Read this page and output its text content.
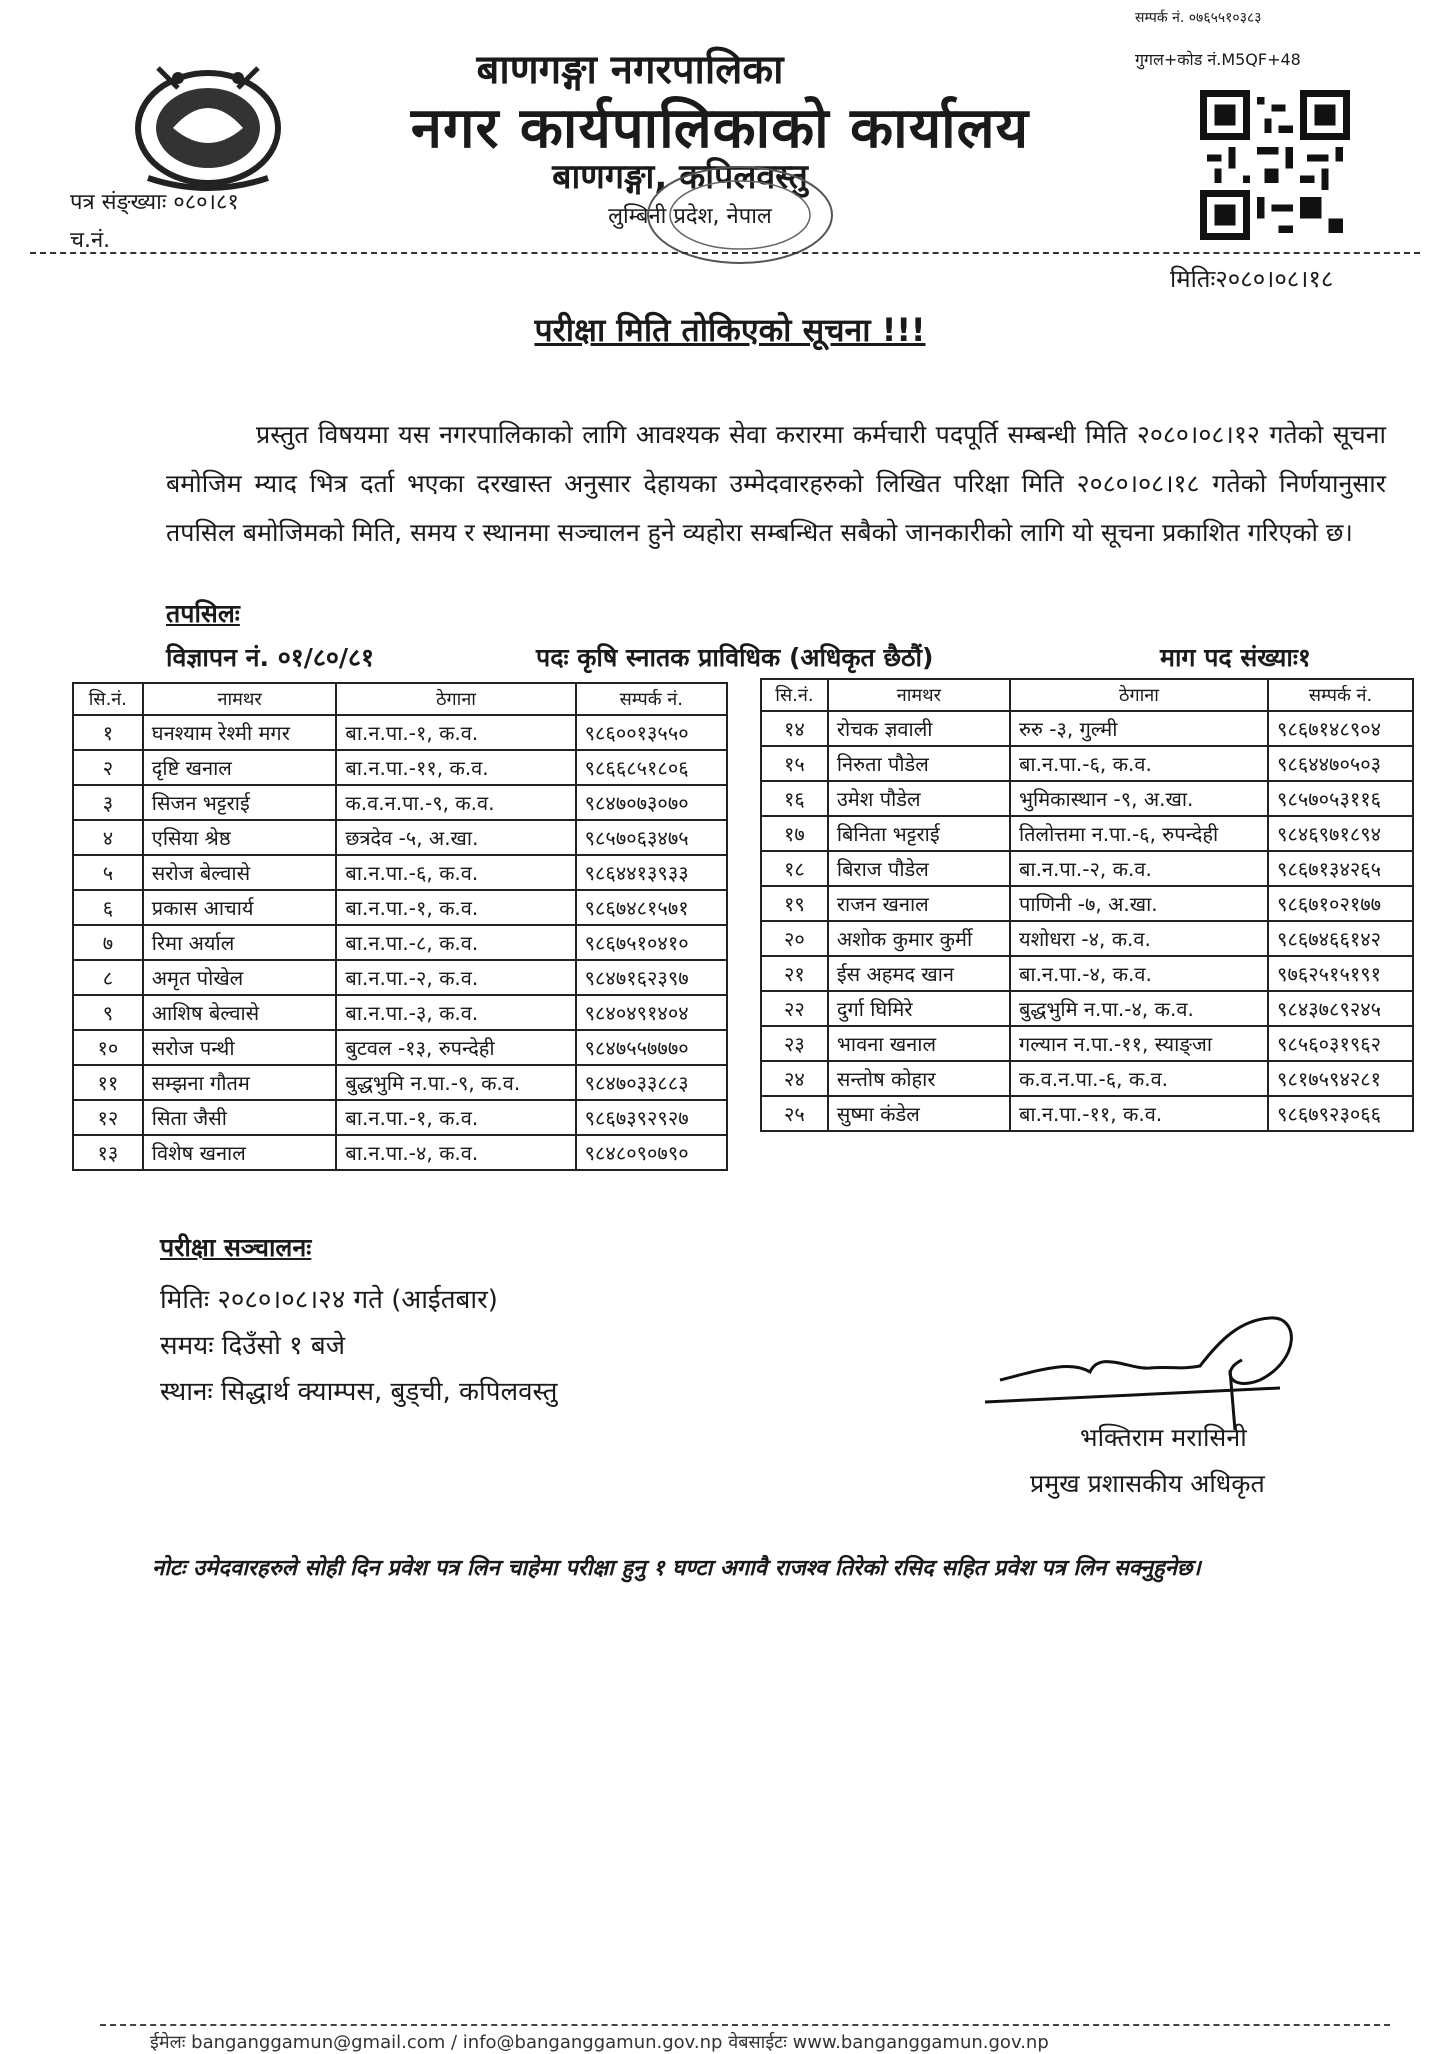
सम्पर्क नं. ०७६५५१०३८३
गुगल+कोड नं.M5QF+48
बाणगङ्गा नगरपालिका
नगर कार्यपालिकाको कार्यालय
बाणगङ्गा, कपिलवस्तु
लुम्बिनी प्रदेश, नेपाल
पत्र संङ्ख्याः ०८०।८१
च.नं.
मितिः२०८०।०८।१८
परीक्षा मिति तोकिएको सूचना !!!
प्रस्तुत विषयमा यस नगरपालिकाको लागि आवश्यक सेवा करारमा कर्मचारी पदपूर्ति सम्बन्धी मिति २०८०।०८।१२ गतेको सूचना बमोजिम म्याद भित्र दर्ता भएका दरखास्त अनुसार देहायका उम्मेदवारहरुको लिखित परिक्षा मिति २०८०।०८।१८ गतेको निर्णयानुसार तपसिल बमोजिमको मिति, समय र स्थानमा सञ्चालन हुने व्यहोरा सम्बन्धित सबैको जानकारीको लागि यो सूचना प्रकाशित गरिएको छ।
तपसिलः
विज्ञापन नं. ०१/८०/८१	पदः कृषि स्नातक प्राविधिक (अधिकृत छैठौं)	माग पद संख्याः१
सि.नं.	नामथर	ठेगाना	सम्पर्क नं.
१	घनश्याम रेश्मी मगर	बा.न.पा.-१, क.व.	९८६००१३५५०
२	दृष्टि खनाल	बा.न.पा.-११, क.व.	९८६६८५१८०६
३	सिजन भट्टराई	क.व.न.पा.-९, क.व.	९८४७०७३०७०
४	एसिया श्रेष्ठ	छत्रदेव -५, अ.खा.	९८५७०६३४७५
५	सरोज बेल्वासे	बा.न.पा.-६, क.व.	९८६४४१३९३३
६	प्रकास आचार्य	बा.न.पा.-१, क.व.	९८६७४८१५७१
७	रिमा अर्याल	बा.न.पा.-८, क.व.	९८६७५१०४१०
८	अमृत पोखेल	बा.न.पा.-२, क.व.	९८४७१६२३९७
९	आशिष बेल्वासे	बा.न.पा.-३, क.व.	९८४०४९१४०४
१०	सरोज पन्थी	बुटवल -१३, रुपन्देही	९८४७५५७७७०
११	सम्झना गौतम	बुद्धभुमि न.पा.-९, क.व.	९८४७०३३८८३
१२	सिता जैसी	बा.न.पा.-१, क.व.	९८६७३९२९२७
१३	विशेष खनाल	बा.न.पा.-४, क.व.	९८४८०९०७९०
सि.नं.	नामथर	ठेगाना	सम्पर्क नं.
१४	रोचक ज्ञवाली	रुरु -३, गुल्मी	९८६७१४८९०४
१५	निरुता पौडेल	बा.न.पा.-६, क.व.	९८६४४७०५०३
१६	उमेश पौडेल	भुमिकास्थान -९, अ.खा.	९८५७०५३११६
१७	बिनिता भट्टराई	तिलोत्तमा न.पा.-६, रुपन्देही	९८४६९७१८९४
१८	बिराज पौडेल	बा.न.पा.-२, क.व.	९८६७१३४२६५
१९	राजन खनाल	पाणिनी -७, अ.खा.	९८६७१०२१७७
२०	अशोक कुमार कुर्मी	यशोधरा -४, क.व.	९८६७४६६१४२
२१	ईस अहमद खान	बा.न.पा.-४, क.व.	९७६२५१५१९१
२२	दुर्गा घिमिरे	बुद्धभुमि न.पा.-४, क.व.	९८४३७८९२४५
२३	भावना खनाल	गल्यान न.पा.-११, स्याङ्जा	९८५६०३१९६२
२४	सन्तोष कोहार	क.व.न.पा.-६, क.व.	९८१७५९४२८१
२५	सुष्मा कंडेल	बा.न.पा.-११, क.व.	९८६७९२३०६६
परीक्षा सञ्चालनः
मितिः २०८०।०८।२४ गते (आईतबार)
समयः दिउँसो १ बजे
स्थानः सिद्धार्थ क्याम्पस, बुड्ची, कपिलवस्तु
भक्तिराम मरासिनी
प्रमुख प्रशासकीय अधिकृत
नोटः उमेदवारहरुले सोही दिन प्रवेश पत्र लिन चाहेमा परीक्षा हुनु १ घण्टा अगावै राजश्व तिरेको रसिद सहित प्रवेश पत्र लिन सक्नुहुनेछ।
ईमेलः banganggamun@gmail.com / info@banganggamun.gov.np वेबसाईटः www.banganggamun.gov.np
